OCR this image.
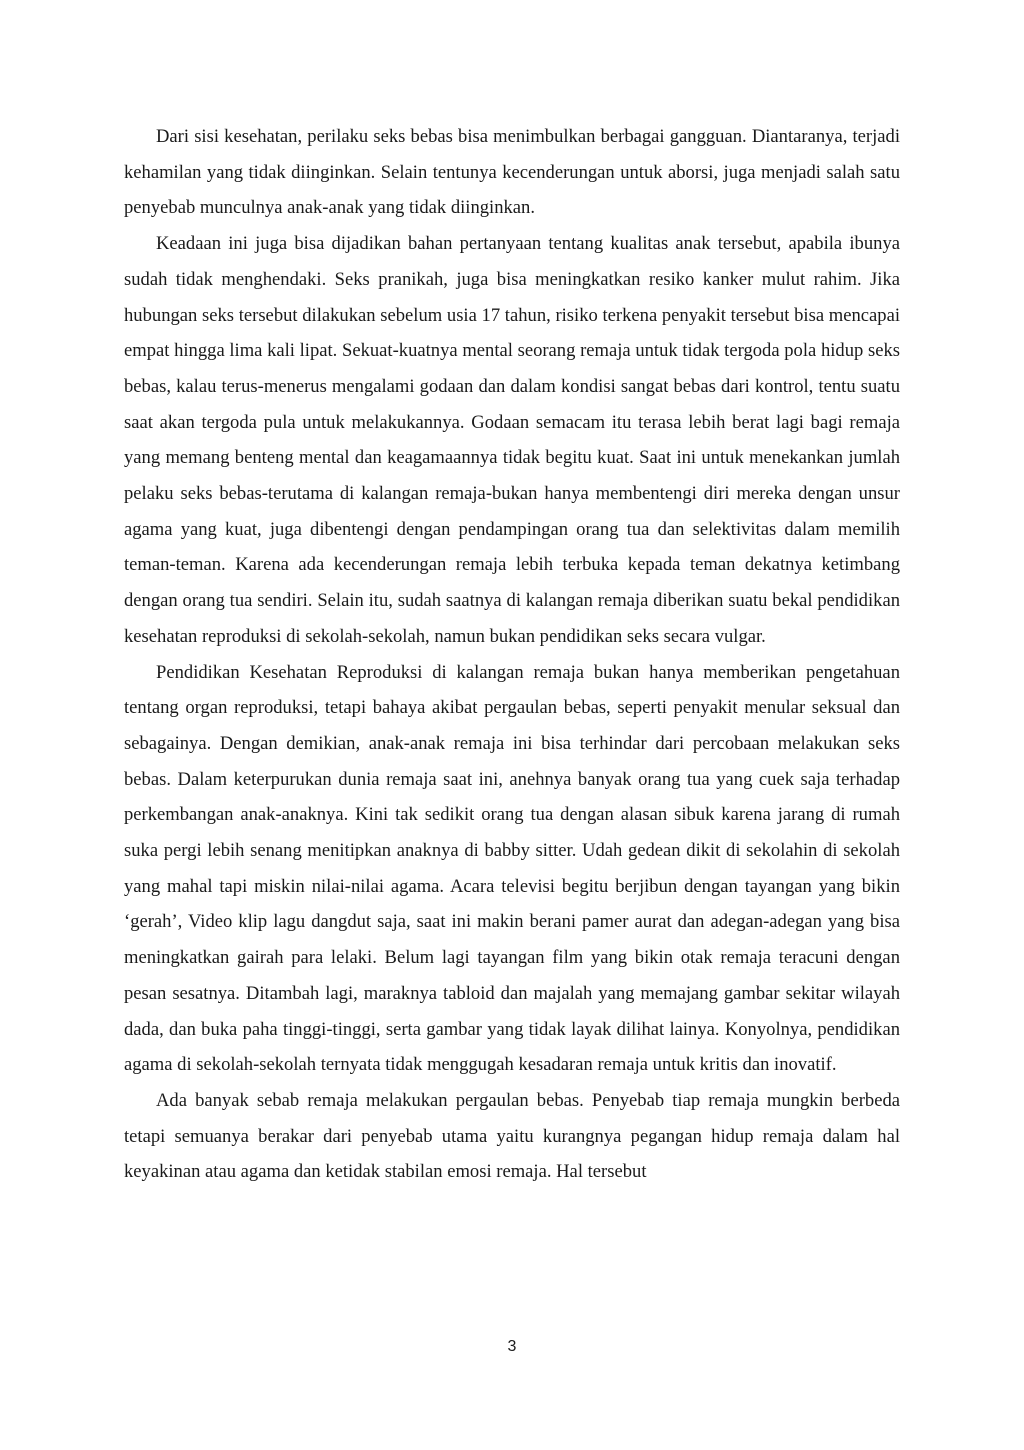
Dari sisi kesehatan, perilaku seks bebas bisa menimbulkan berbagai gangguan. Diantaranya, terjadi kehamilan yang tidak diinginkan. Selain tentunya kecenderungan untuk aborsi, juga menjadi salah satu penyebab munculnya anak-anak yang tidak diinginkan.

Keadaan ini juga bisa dijadikan bahan pertanyaan tentang kualitas anak tersebut, apabila ibunya sudah tidak menghendaki. Seks pranikah, juga bisa meningkatkan resiko kanker mulut rahim. Jika hubungan seks tersebut dilakukan sebelum usia 17 tahun, risiko terkena penyakit tersebut bisa mencapai empat hingga lima kali lipat. Sekuat-kuatnya mental seorang remaja untuk tidak tergoda pola hidup seks bebas, kalau terus-menerus mengalami godaan dan dalam kondisi sangat bebas dari kontrol, tentu suatu saat akan tergoda pula untuk melakukannya. Godaan semacam itu terasa lebih berat lagi bagi remaja yang memang benteng mental dan keagamaannya tidak begitu kuat. Saat ini untuk menekankan jumlah pelaku seks bebas-terutama di kalangan remaja-bukan hanya membentengi diri mereka dengan unsur agama yang kuat, juga dibentengi dengan pendampingan orang tua dan selektivitas dalam memilih teman-teman. Karena ada kecenderungan remaja lebih terbuka kepada teman dekatnya ketimbang dengan orang tua sendiri. Selain itu, sudah saatnya di kalangan remaja diberikan suatu bekal pendidikan kesehatan reproduksi di sekolah-sekolah, namun bukan pendidikan seks secara vulgar.

Pendidikan Kesehatan Reproduksi di kalangan remaja bukan hanya memberikan pengetahuan tentang organ reproduksi, tetapi bahaya akibat pergaulan bebas, seperti penyakit menular seksual dan sebagainya. Dengan demikian, anak-anak remaja ini bisa terhindar dari percobaan melakukan seks bebas. Dalam keterpurukan dunia remaja saat ini, anehnya banyak orang tua yang cuek saja terhadap perkembangan anak-anaknya. Kini tak sedikit orang tua dengan alasan sibuk karena jarang di rumah suka pergi lebih senang menitipkan anaknya di babby sitter. Udah gedean dikit di sekolahin di sekolah yang mahal tapi miskin nilai-nilai agama. Acara televisi begitu berjibun dengan tayangan yang bikin ‘gerah’, Video klip lagu dangdut saja, saat ini makin berani pamer aurat dan adegan-adegan yang bisa meningkatkan gairah para lelaki. Belum lagi tayangan film yang bikin otak remaja teracuni dengan pesan sesatnya. Ditambah lagi, maraknya tabloid dan majalah yang memajang gambar sekitar wilayah dada, dan buka paha tinggi-tinggi, serta gambar yang tidak layak dilihat lainya. Konyolnya, pendidikan agama di sekolah-sekolah ternyata tidak menggugah kesadaran remaja untuk kritis dan inovatif.

Ada banyak sebab remaja melakukan pergaulan bebas. Penyebab tiap remaja mungkin berbeda tetapi semuanya berakar dari penyebab utama yaitu kurangnya pegangan hidup remaja dalam hal keyakinan atau agama dan ketidak stabilan emosi remaja. Hal tersebut

3
